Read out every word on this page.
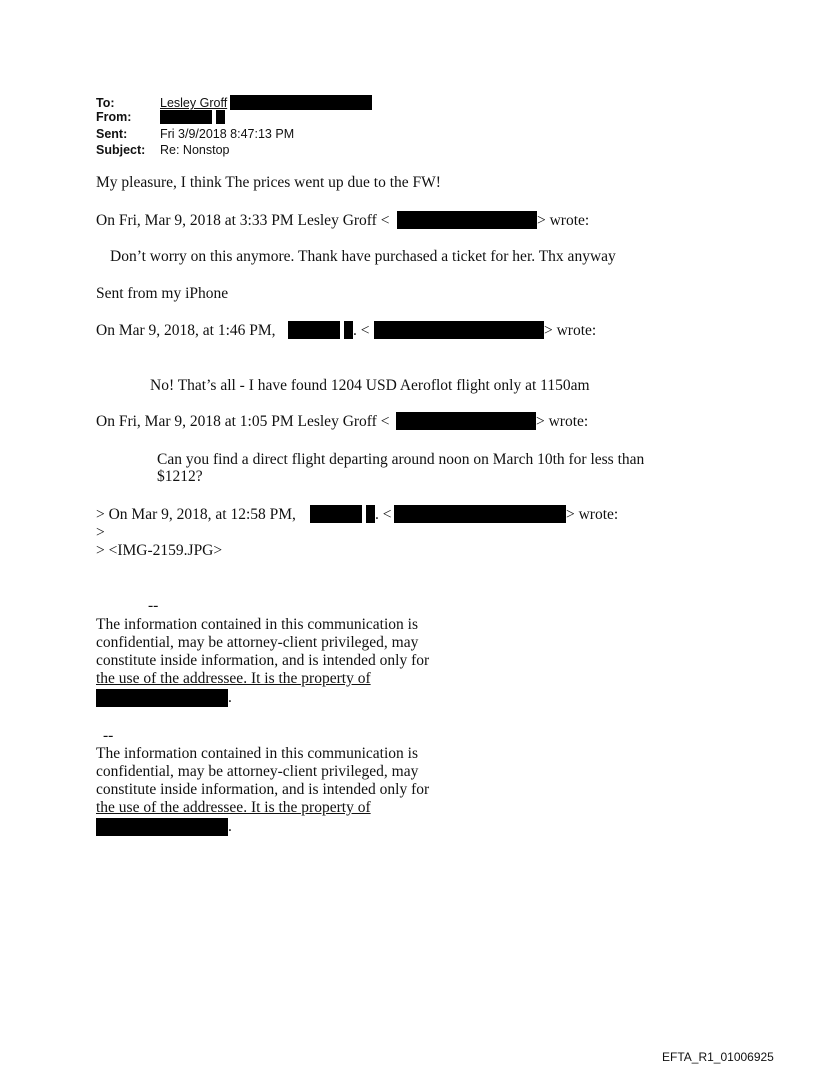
To:	Lesley Groff
From:
Sent:	Fri 3/9/2018 8:47:13 PM
Subject: Re: Nonstop
My pleasure, I think The prices went up due to the FW!
On Fri, Mar 9, 2018 at 3:33 PM Lesley Groff <	> wrote:
Don’t worry on this anymore. Thank have purchased a ticket for her. Thx anyway
Sent from my iPhone
On Mar 9, 2018, at 1:46 PM,	. <	> wrote:
No! That’s all - I have found 1204 USD Aeroflot flight only at 1150am
On Fri, Mar 9, 2018 at 1:05 PM Lesley Groff <	> wrote:
Can you find a direct flight departing around noon on March 10th for less than
$1212?
> On Mar 9, 2018, at 12:58 PM,	. <	> wrote:
>
> <IMG-2159.JPG>
--
The information contained in this communication is
confidential, may be attorney-client privileged, may
constitute inside information, and is intended only for
the use of the addressee. It is the property of
.
--
The information contained in this communication is
confidential, may be attorney-client privileged, may
constitute inside information, and is intended only for
the use of the addressee. It is the property of
.
EFTA_R1_01006925
